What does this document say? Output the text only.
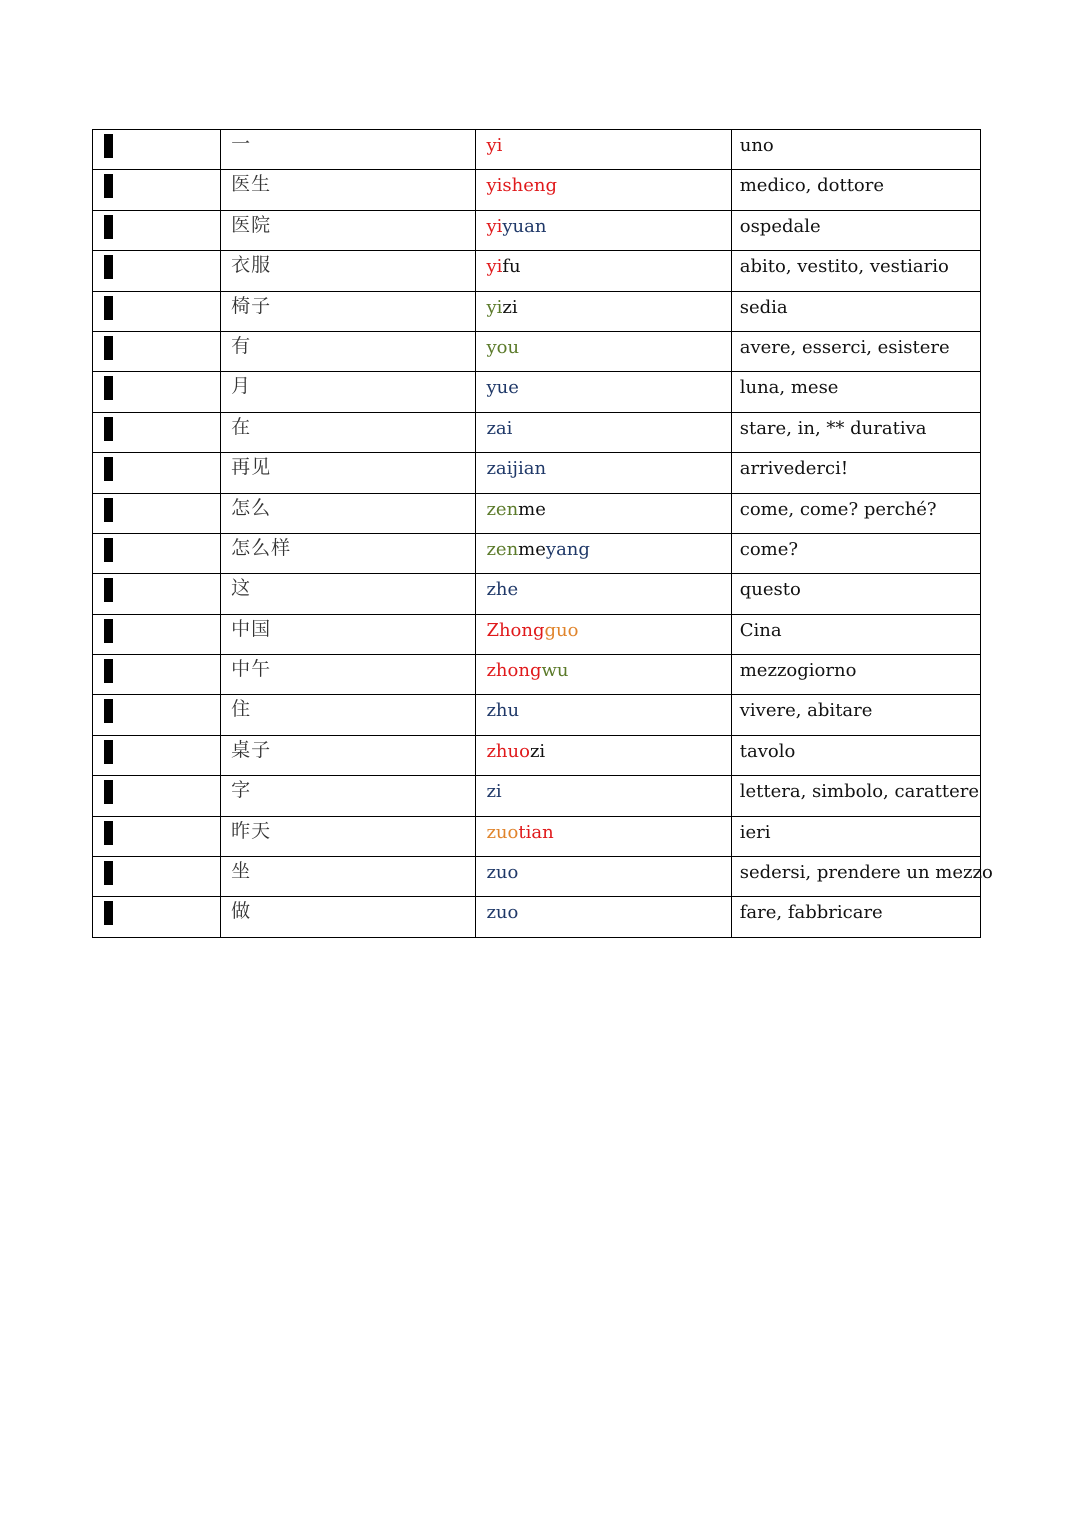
	一	yi	uno

	医生	yisheng	medico, dottore

	医院	yiyuan	ospedale

	衣服	yifu	abito, vestito, vestiario

	椅子	yizi	sedia

	有	you	avere, esserci, esistere

	月	yue	luna, mese

	在	zai	stare, in, ** durativa

	再见	zaijian	arrivederci!

	怎么	zenme	come, come? perché?

	怎么样	zenmeyang	come?

	这	zhe	questo

	中国	Zhongguo	Cina

	中午	zhongwu	mezzogiorno

	住	zhu	vivere, abitare

	桌子	zhuozi	tavolo

	字	zi	lettera, simbolo, carattere

	昨天	zuotian	ieri

	坐	zuo	sedersi, prendere un mezzo

	做	zuo	fare, fabbricare
